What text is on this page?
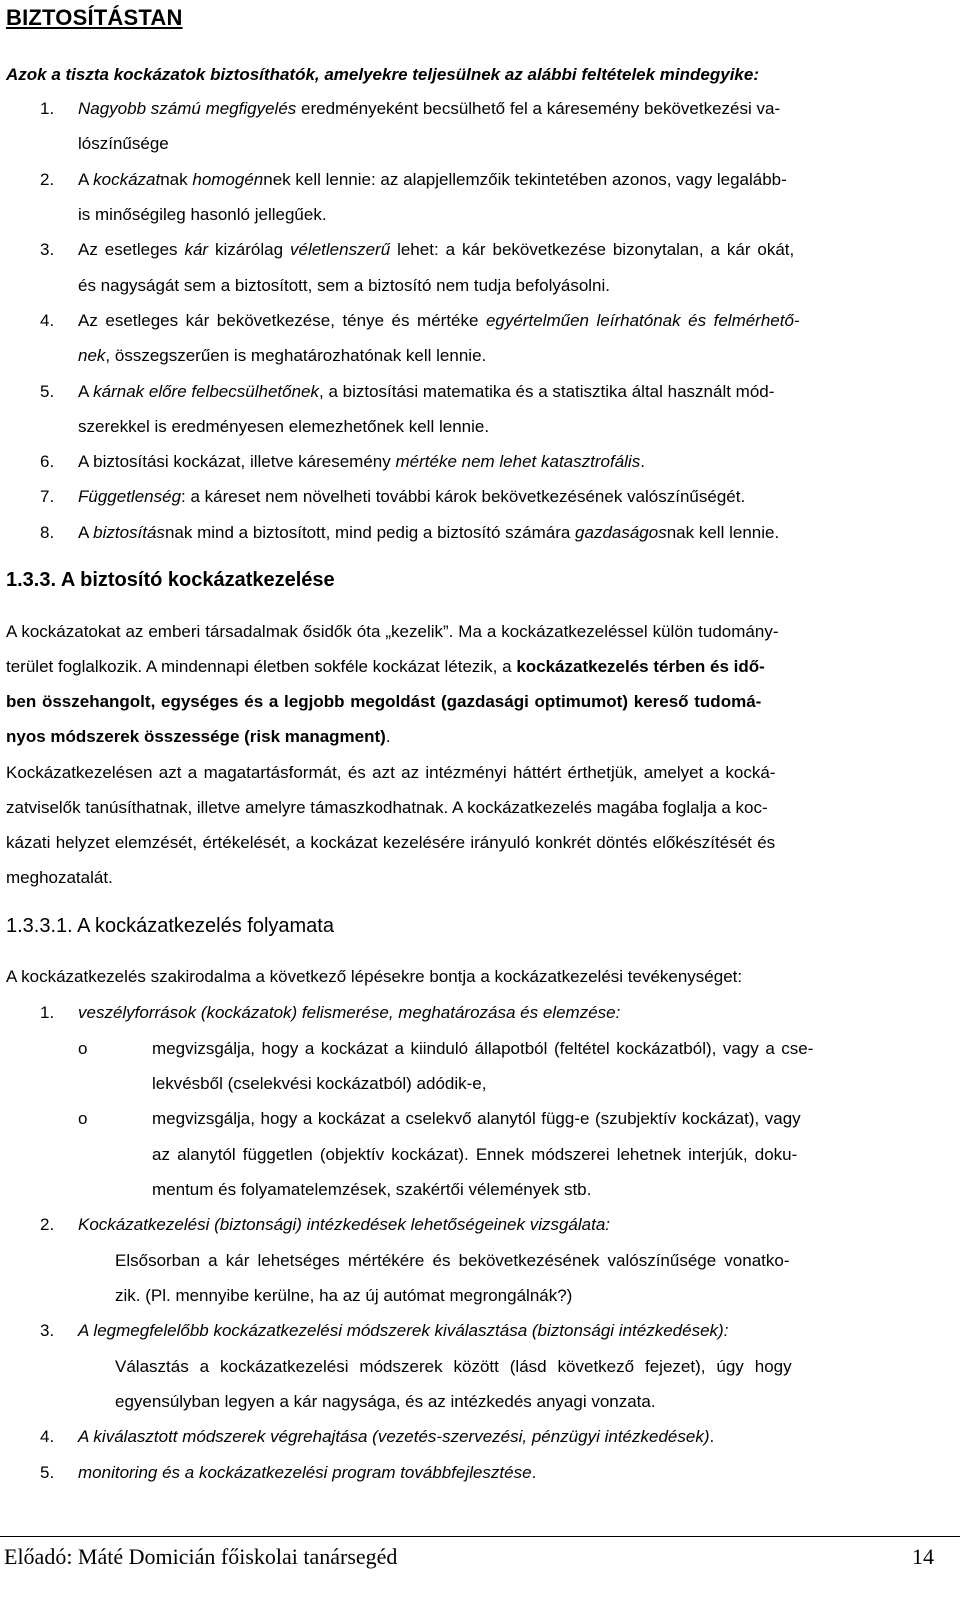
BIZTOSÍTÁSTAN
Azok a tiszta kockázatok biztosíthatók, amelyekre teljesülnek az alábbi feltételek mindegyike:
1. Nagyobb számú megfigyelés eredményeként becsülhető fel a káresemény bekövetkezési va-
lószínűsége
2. A kockázatnak homogénnek kell lennie: az alapjellemzőik tekintetében azonos, vagy legalább-
is minőségileg hasonló jellegűek.
3. Az esetleges kár kizárólag véletlenszerű lehet: a kár bekövetkezése bizonytalan, a kár okát,
és nagyságát sem a biztosított, sem a biztosító nem tudja befolyásolni.
4. Az esetleges kár bekövetkezése, ténye és mértéke egyértelműen leírhatónak és felmérhető-
nek, összegszerűen is meghatározhatónak kell lennie.
5. A kárnak előre felbecsülhetőnek, a biztosítási matematika és a statisztika által használt mód-
szerekkel is eredményesen elemezhetőnek kell lennie.
6. A biztosítási kockázat, illetve káresemény mértéke nem lehet katasztrofális.
7. Függetlenség: a káreset nem növelheti további károk bekövetkezésének valószínűségét.
8. A biztosításnak mind a biztosított, mind pedig a biztosító számára gazdaságosnak kell lennie.
1.3.3. A biztosító kockázatkezelése
A kockázatokat az emberi társadalmak ősidők óta „kezelik”. Ma a kockázatkezeléssel külön tudomány-
terület foglalkozik. A mindennapi életben sokféle kockázat létezik, a kockázatkezelés térben és idő-
ben összehangolt, egységes és a legjobb megoldást (gazdasági optimumot) kereső tudomá-
nyos módszerek összessége (risk managment).
Kockázatkezelésen azt a magatartásformát, és azt az intézményi háttért érthetjük, amelyet a kocká-
zatviselők tanúsíthatnak, illetve amelyre támaszkodhatnak. A kockázatkezelés magába foglalja a koc-
kázati helyzet elemzését, értékelését, a kockázat kezelésére irányuló konkrét döntés előkészítését és
meghozatalát.
1.3.3.1. A kockázatkezelés folyamata
A kockázatkezelés szakirodalma a következő lépésekre bontja a kockázatkezelési tevékenységet:
1. veszélyforrások (kockázatok) felismerése, meghatározása és elemzése:
o	megvizsgálja, hogy a kockázat a kiinduló állapotból (feltétel kockázatból), vagy a cse-
lekvésből (cselekvési kockázatból) adódik-e,
o	megvizsgálja, hogy a kockázat a cselekvő alanytól függ-e (szubjektív kockázat), vagy
az alanytól független (objektív kockázat). Ennek módszerei lehetnek interjúk, doku-
mentum és folyamatelemzések, szakértői vélemények stb.
2. Kockázatkezelési (biztonsági) intézkedések lehetőségeinek vizsgálata:
Elsősorban a kár lehetséges mértékére és bekövetkezésének valószínűsége vonatko-
zik. (Pl. mennyibe kerülne, ha az új autómat megrongálnák?)
3. A legmegfelelőbb kockázatkezelési módszerek kiválasztása (biztonsági intézkedések):
Választás a kockázatkezelési módszerek között (lásd következő fejezet), úgy hogy
egyensúlyban legyen a kár nagysága, és az intézkedés anyagi vonzata.
4. A kiválasztott módszerek végrehajtása (vezetés-szervezési, pénzügyi intézkedések).
5. monitoring és a kockázatkezelési program továbbfejlesztése.
Előadó: Máté Domicián főiskolai tanársegéd	14
